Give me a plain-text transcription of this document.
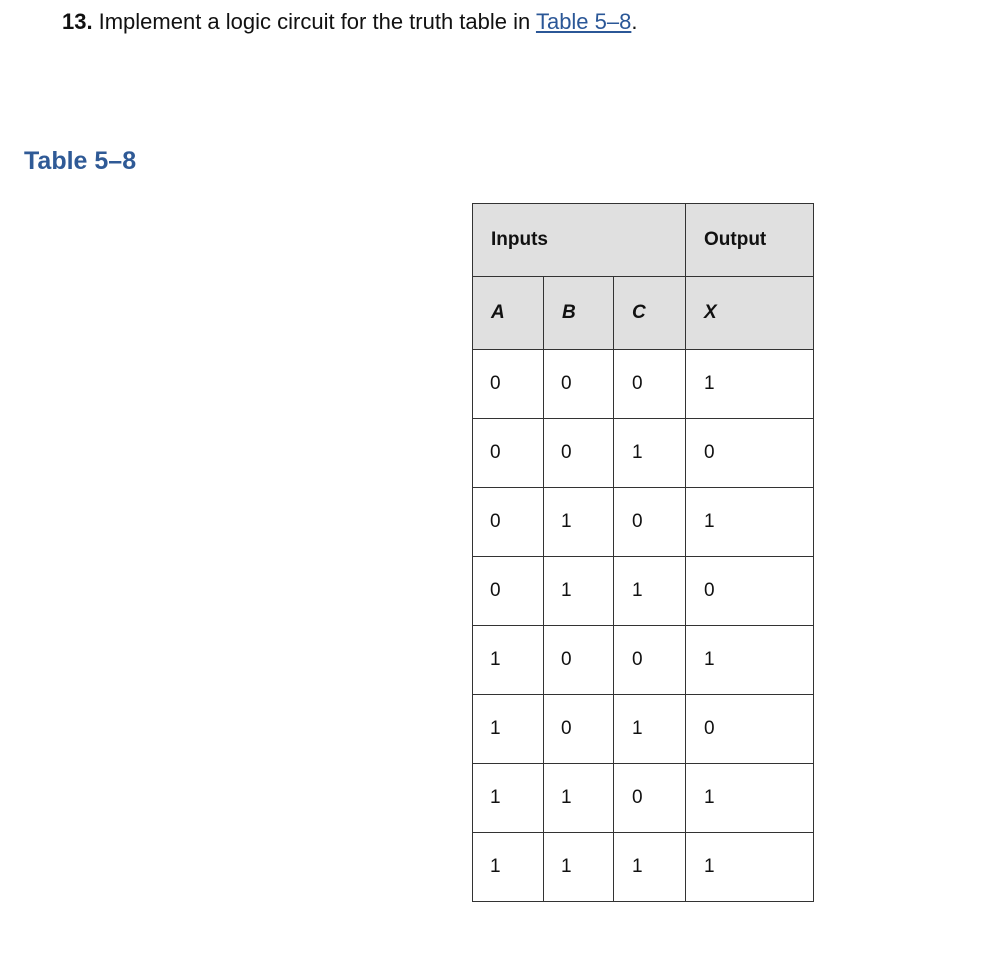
13. Implement a logic circuit for the truth table in Table 5–8.
Table 5–8
Inputs			Output
A	B	C	X
0	0	0	1
0	0	1	0
0	1	0	1
0	1	1	0
1	0	0	1
1	0	1	0
1	1	0	1
1	1	1	1
